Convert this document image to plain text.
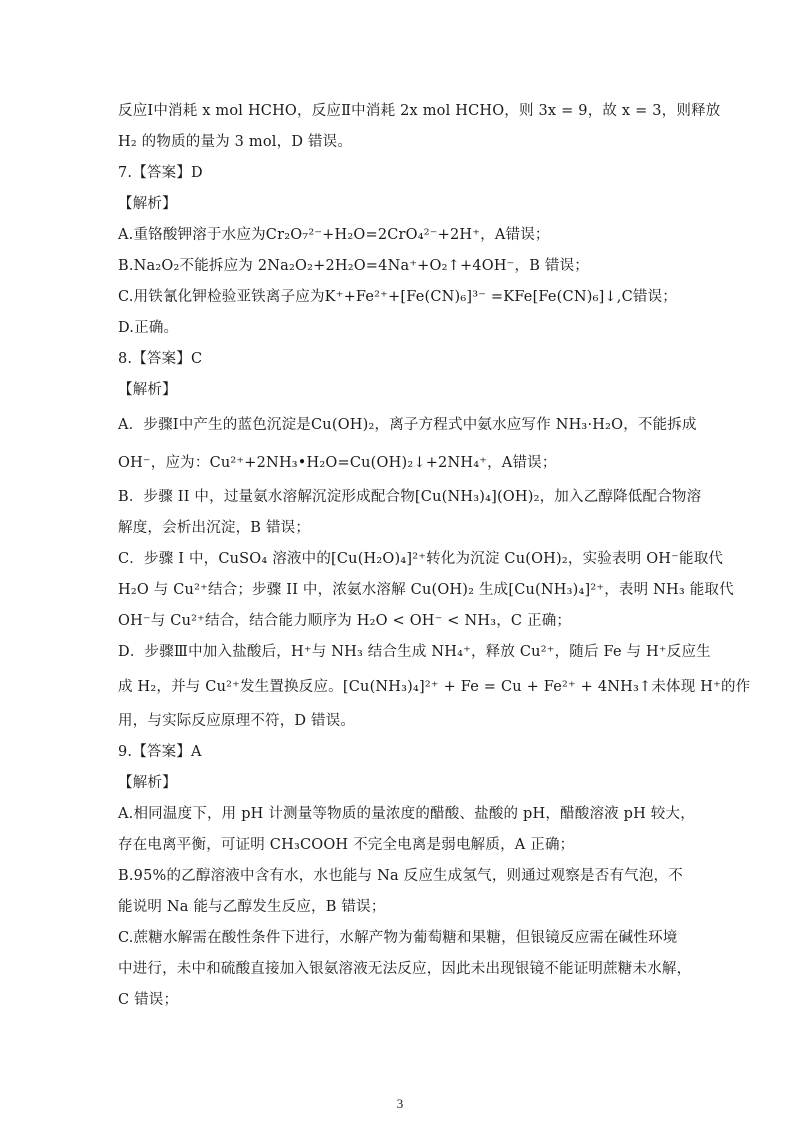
反应Ⅰ中消耗 x mol HCHO，反应Ⅱ中消耗 2x mol HCHO，则 3x = 9，故 x = 3，则释放
H₂ 的物质的量为 3 mol，D 错误。
7.【答案】D
【解析】
A.重铬酸钾溶于水应为Cr₂O₇²⁻+H₂O=2CrO₄²⁻+2H⁺，A错误；
B.Na₂O₂不能拆应为 2Na₂O₂+2H₂O=4Na⁺+O₂↑+4OH⁻，B 错误；
C.用铁氰化钾检验亚铁离子应为K⁺+Fe²⁺+[Fe(CN)₆]³⁻ =KFe[Fe(CN)₆]↓,C错误；
D.正确。
8.【答案】C
【解析】
A．步骤I中产生的蓝色沉淀是Cu(OH)₂，离子方程式中氨水应写作 NH₃·H₂O，不能拆成
OH⁻，应为：Cu²⁺+2NH₃•H₂O=Cu(OH)₂↓+2NH₄⁺，A错误；
B．步骤 II 中，过量氨水溶解沉淀形成配合物[Cu(NH₃)₄](OH)₂，加入乙醇降低配合物溶
解度，会析出沉淀，B 错误；
C．步骤 I 中，CuSO₄ 溶液中的[Cu(H₂O)₄]²⁺转化为沉淀 Cu(OH)₂，实验表明 OH⁻能取代
H₂O 与 Cu²⁺结合；步骤 II 中，浓氨水溶解 Cu(OH)₂ 生成[Cu(NH₃)₄]²⁺，表明 NH₃ 能取代
OH⁻与 Cu²⁺结合，结合能力顺序为 H₂O < OH⁻ < NH₃，C 正确；
D．步骤Ⅲ中加入盐酸后，H⁺与 NH₃ 结合生成 NH₄⁺，释放 Cu²⁺，随后 Fe 与 H⁺反应生
成 H₂，并与 Cu²⁺发生置换反应。[Cu(NH₃)₄]²⁺ + Fe = Cu + Fe²⁺ + 4NH₃↑未体现 H⁺的作
用，与实际反应原理不符，D 错误。
9.【答案】A
【解析】
A.相同温度下，用 pH 计测量等物质的量浓度的醋酸、盐酸的 pH，醋酸溶液 pH 较大，
存在电离平衡，可证明 CH₃COOH 不完全电离是弱电解质，A 正确；
B.95%的乙醇溶液中含有水，水也能与 Na 反应生成氢气，则通过观察是否有气泡，不
能说明 Na 能与乙醇发生反应，B 错误；
C.蔗糖水解需在酸性条件下进行，水解产物为葡萄糖和果糖，但银镜反应需在碱性环境
中进行，未中和硫酸直接加入银氨溶液无法反应，因此未出现银镜不能证明蔗糖未水解，
C 错误；
3
